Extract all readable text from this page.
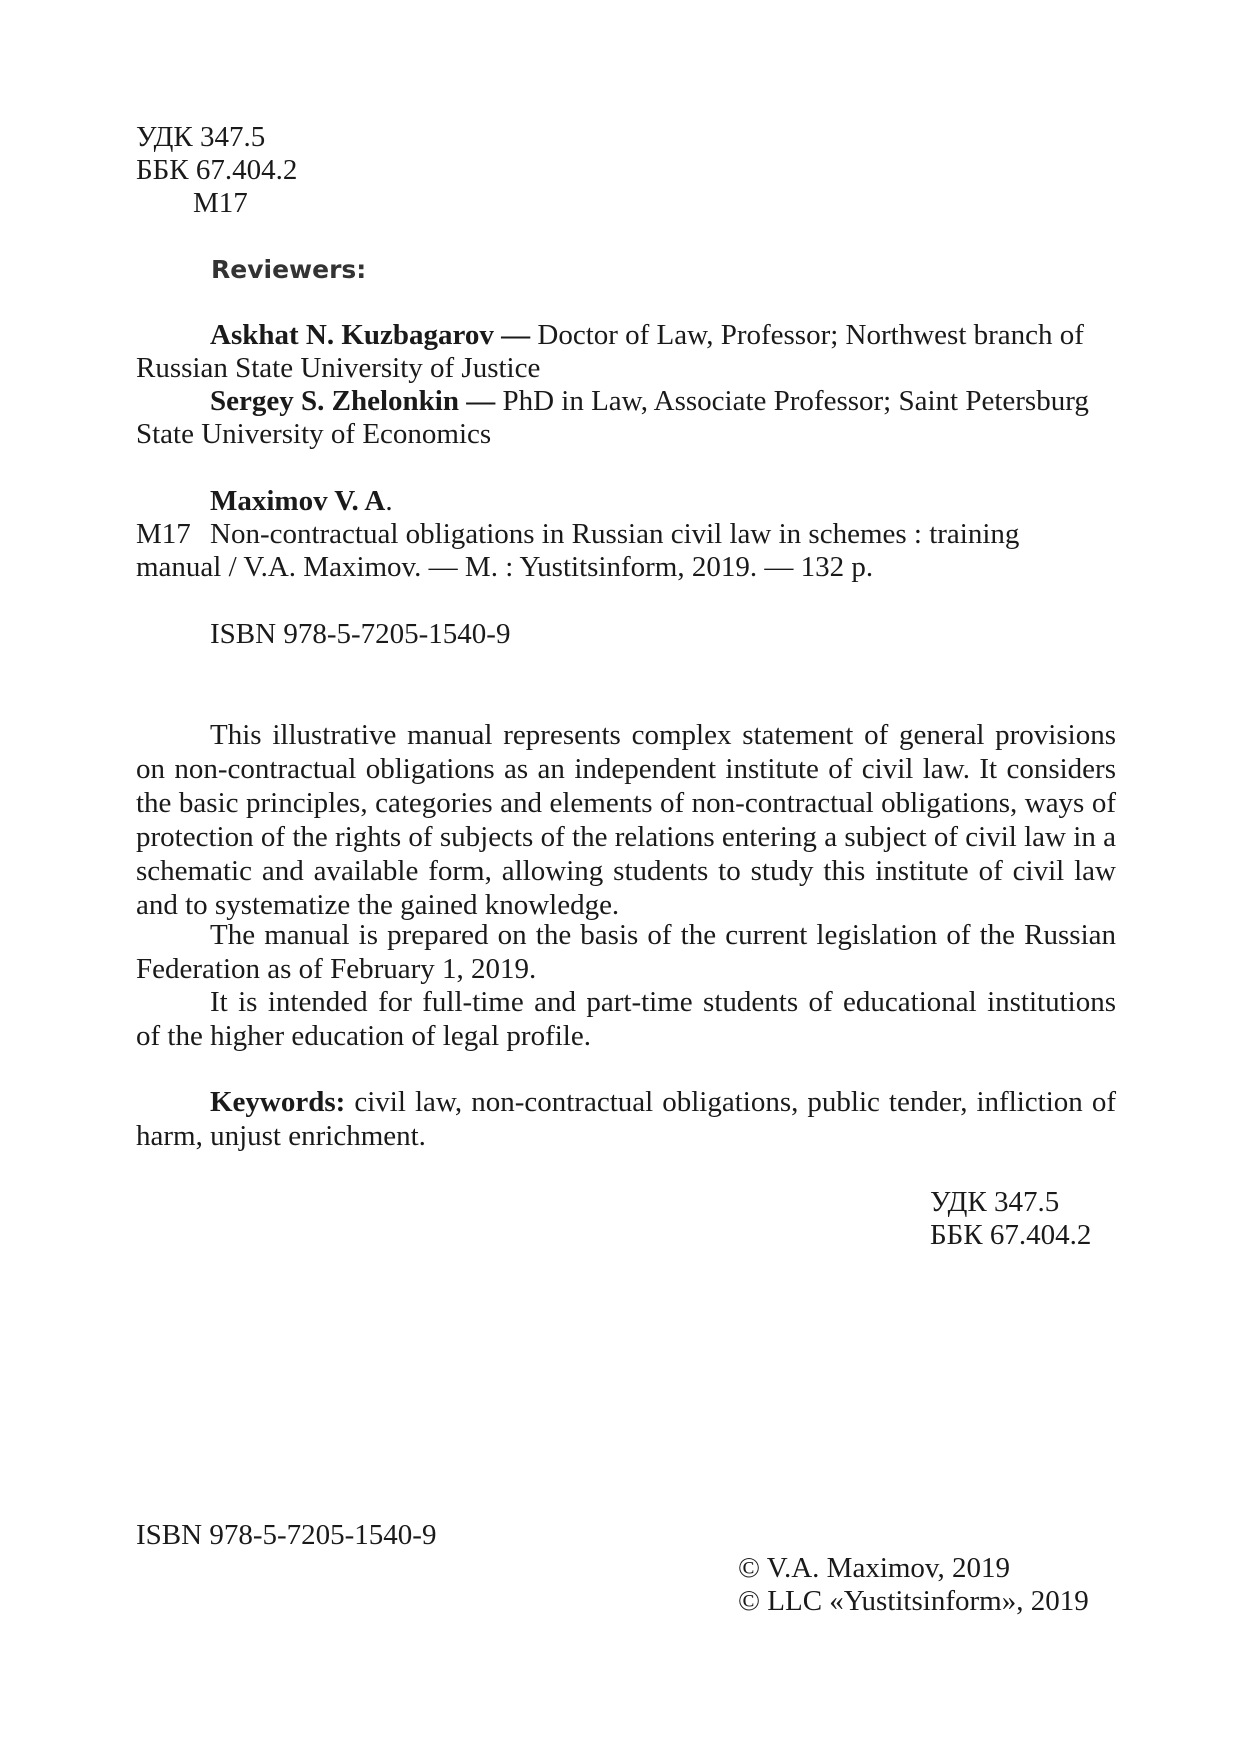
УДК 347.5
ББК 67.404.2
М17
Reviewers:
Askhat N. Kuzbagarov — Doctor of Law, Professor; Northwest branch of
Russian State University of Justice
Sergey S. Zhelonkin — PhD in Law, Associate Professor; Saint Petersburg
State University of Economics
Maximov V. A.
M17 Non-contractual obligations in Russian civil law in schemes : training
manual / V.A. Maximov. — M. : Yustitsinform, 2019. — 132 p.
ISBN 978-5-7205-1540-9
This illustrative manual represents complex statement of general provisions on non-contractual obligations as an independent institute of civil law. It considers the basic principles, categories and elements of non-contractual obligations, ways of protection of the rights of subjects of the relations entering a subject of civil law in a schematic and available form, allowing students to study this institute of civil law and to systematize the gained knowledge.
The manual is prepared on the basis of the current legislation of the Russian Federation as of February 1, 2019.
It is intended for full-time and part-time students of educational institutions of the higher education of legal profile.
Keywords: civil law, non-contractual obligations, public tender, infliction of harm, unjust enrichment.
УДК 347.5
ББК 67.404.2
ISBN 978-5-7205-1540-9
© V.A. Maximov, 2019
© LLC «Yustitsinform», 2019
